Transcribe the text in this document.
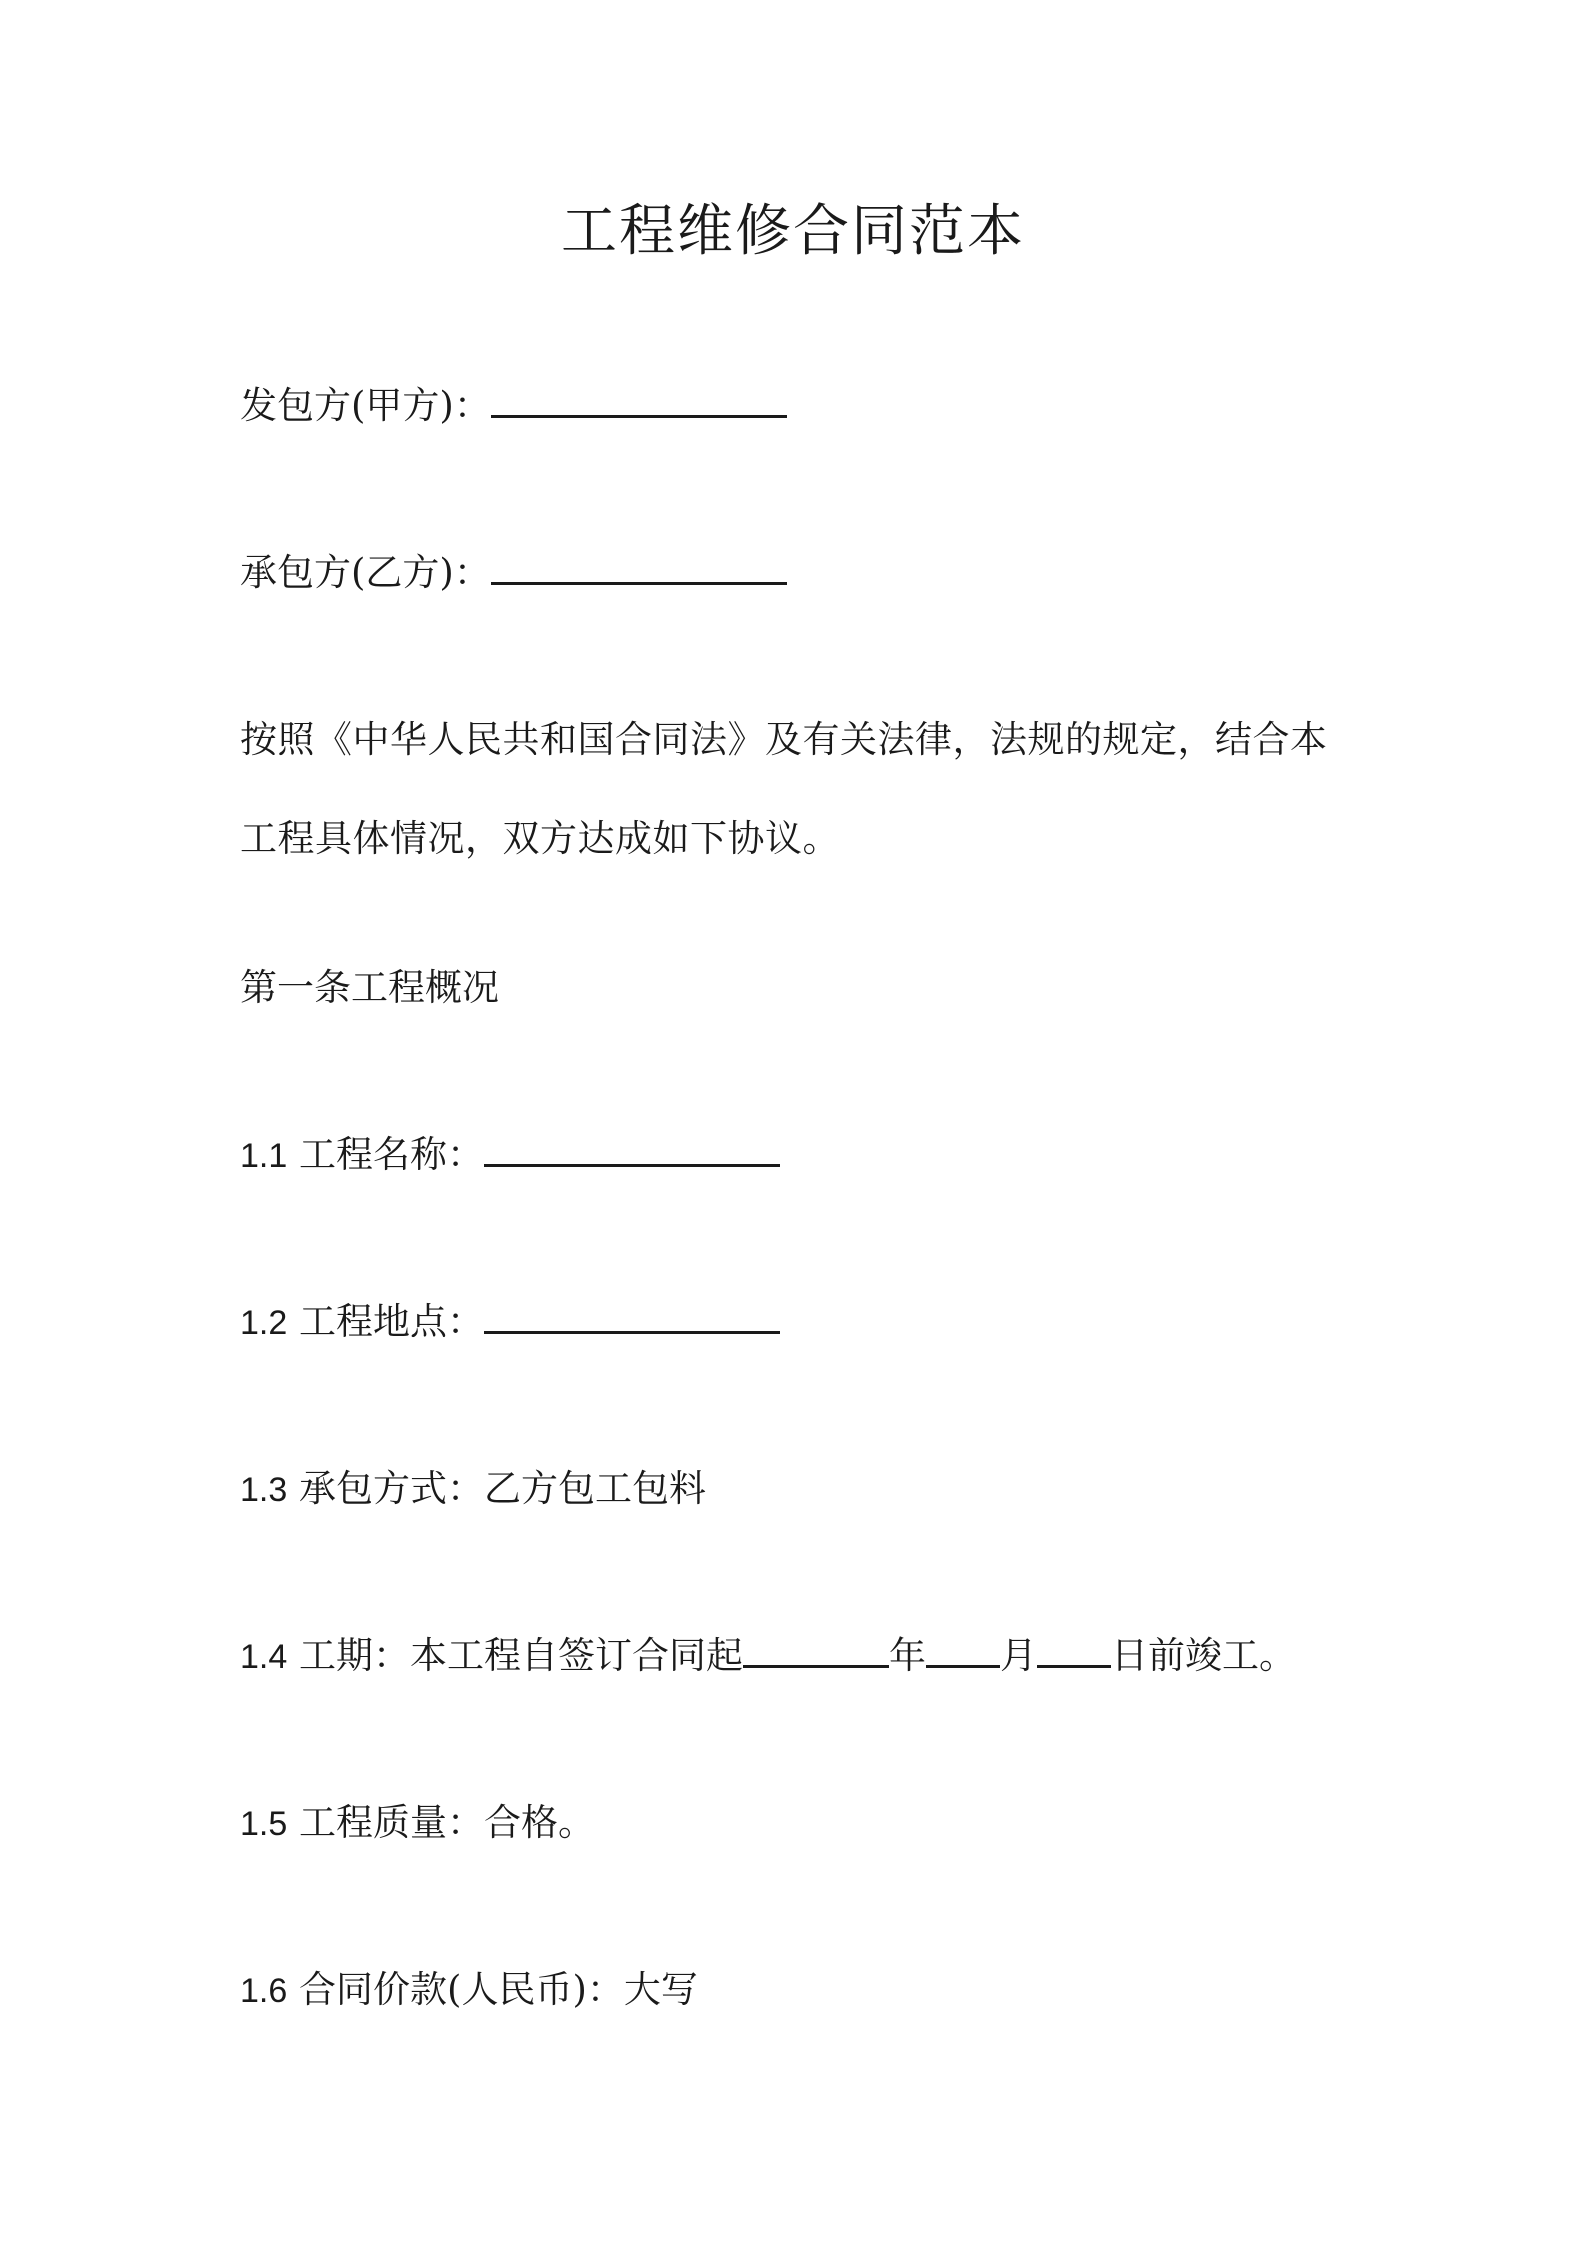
工程维修合同范本
发包方(甲方)：
承包方(乙方)：
按照《中华人民共和国合同法》及有关法律，法规的规定，结合本工程具体情况，双方达成如下协议。
第一条工程概况
1.1 工程名称：
1.2 工程地点：
1.3 承包方式：乙方包工包料
1.4 工期：本工程自签订合同起	年 月 日前竣工。
1.5 工程质量：合格。
1.6 合同价款(人民币)：大写
